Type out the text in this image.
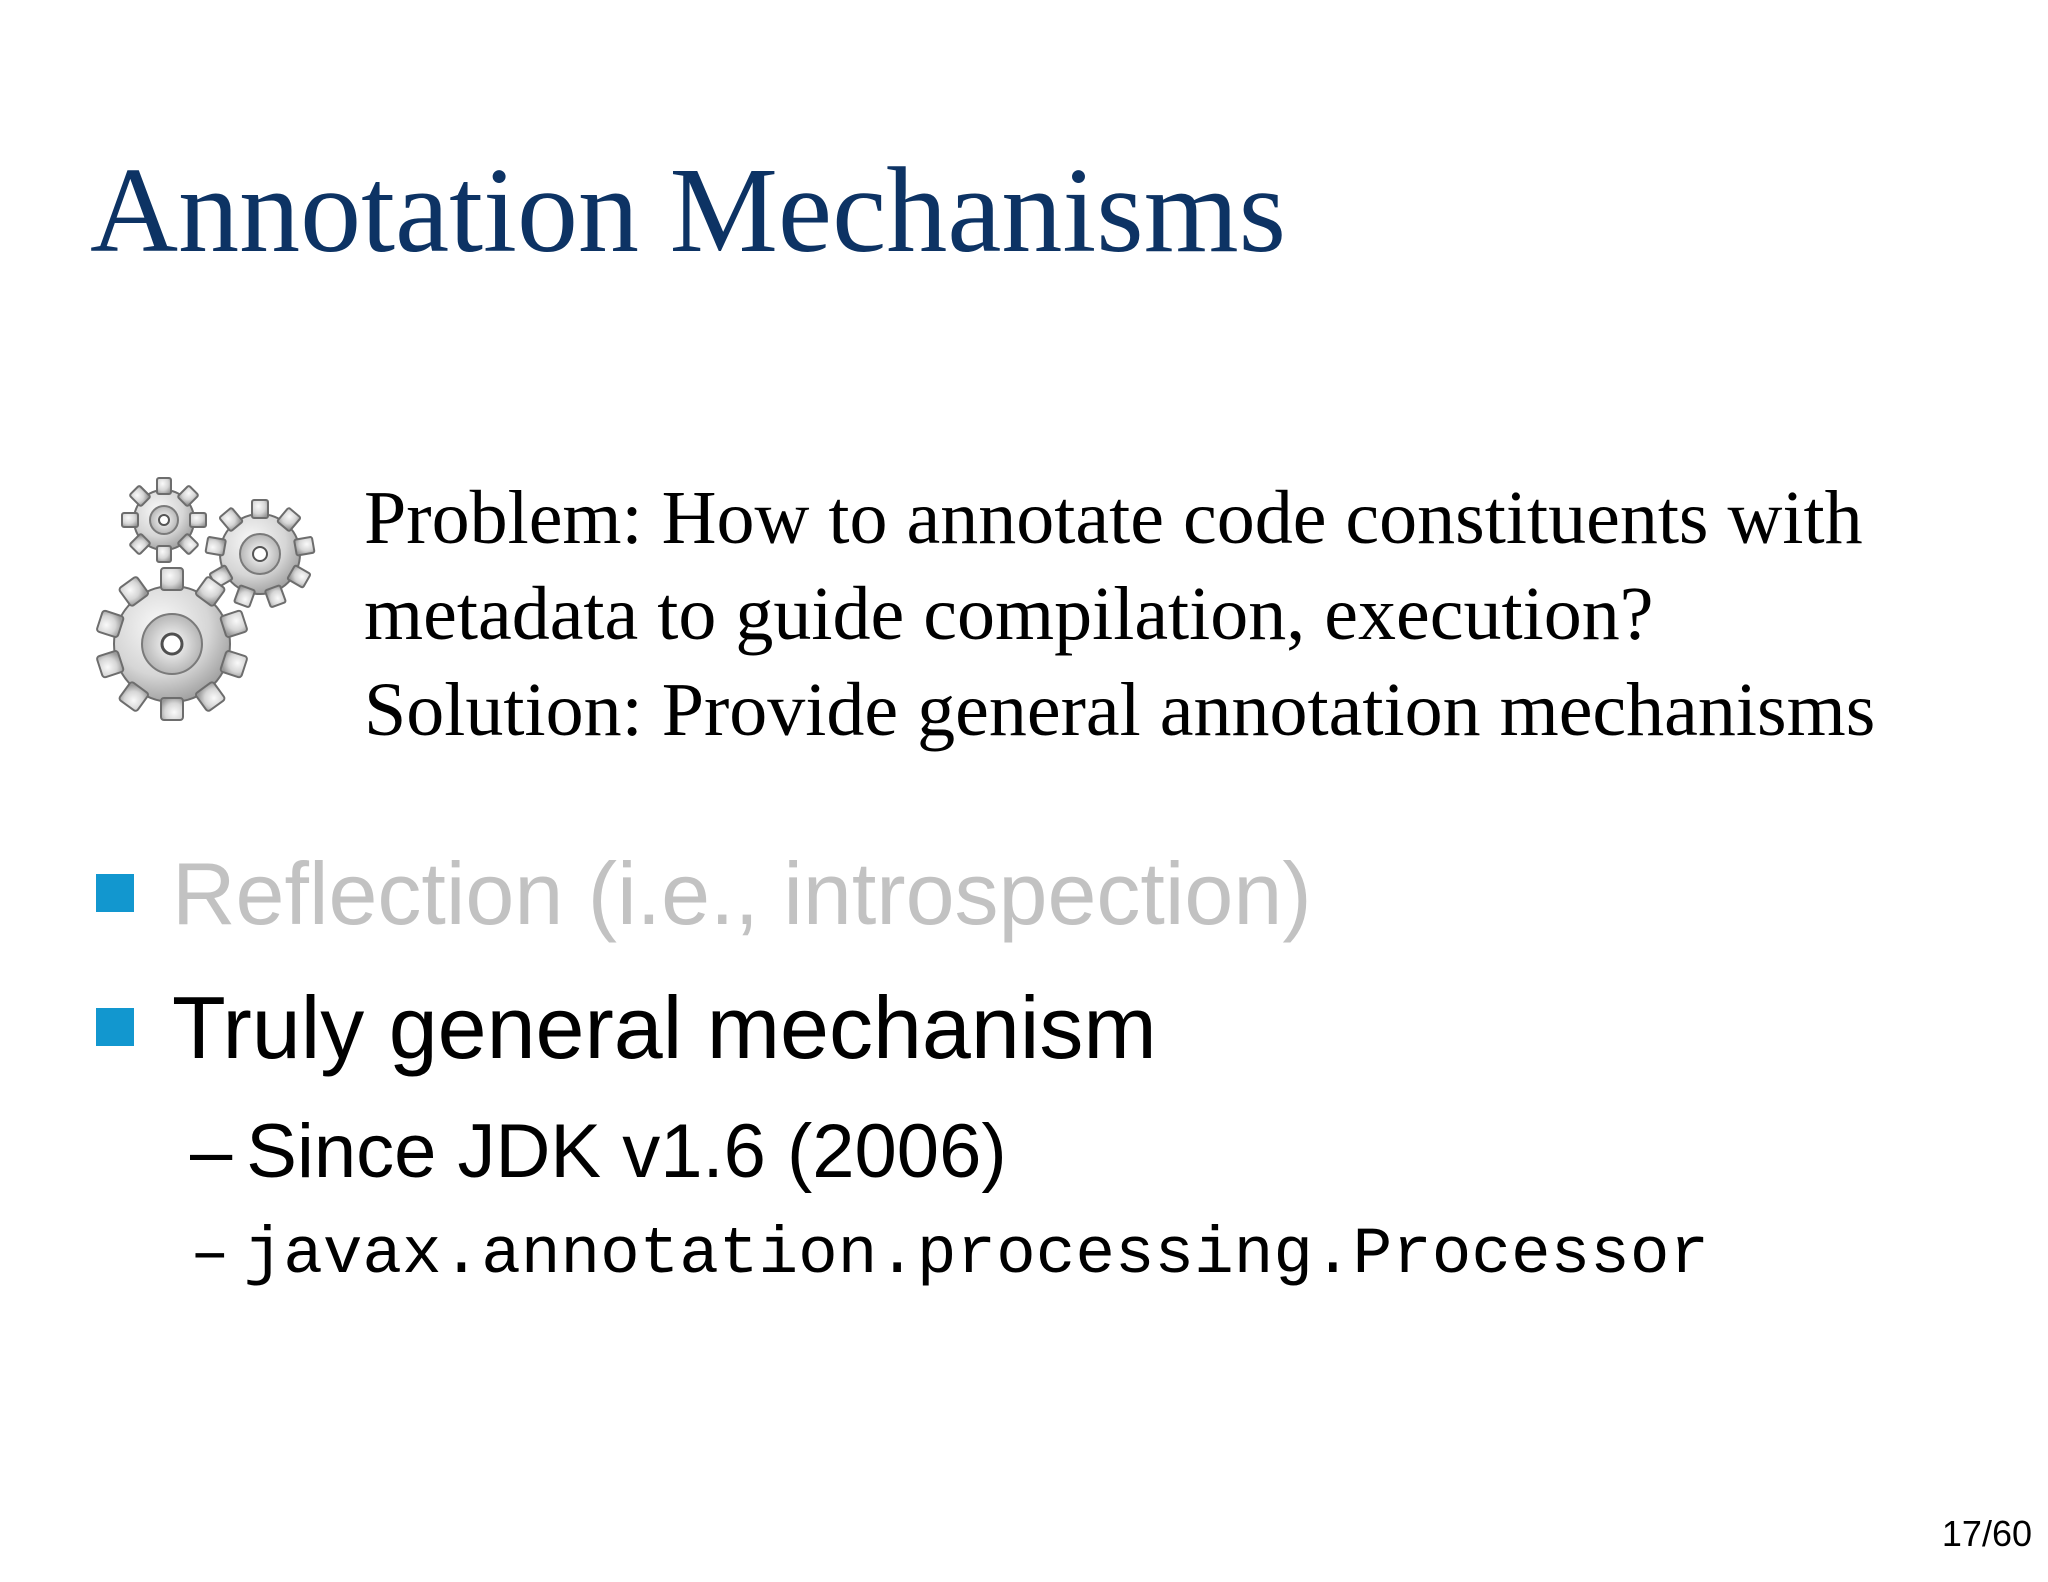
Annotation Mechanisms
Problem: How to annotate code constituents with
metadata to guide compilation, execution?
Solution: Provide general annotation mechanisms
Reflection (i.e., introspection)
Truly general mechanism
– Since JDK v1.6 (2006)
– javax.annotation.processing.Processor
17/60
